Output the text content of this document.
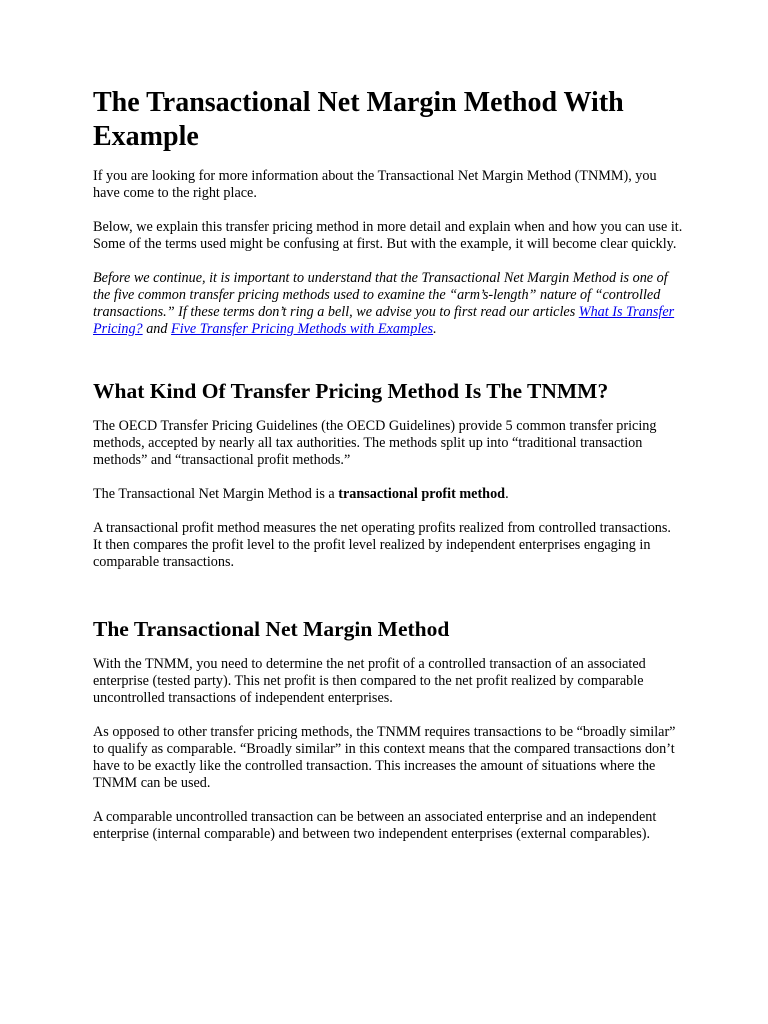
The Transactional Net Margin Method With Example

If you are looking for more information about the Transactional Net Margin Method (TNMM), you have come to the right place.

Below, we explain this transfer pricing method in more detail and explain when and how you can use it. Some of the terms used might be confusing at first. But with the example, it will become clear quickly.

Before we continue, it is important to understand that the Transactional Net Margin Method is one of the five common transfer pricing methods used to examine the “arm’s-length” nature of “controlled transactions.” If these terms don’t ring a bell, we advise you to first read our articles What Is Transfer Pricing? and Five Transfer Pricing Methods with Examples.

What Kind Of Transfer Pricing Method Is The TNMM?

The OECD Transfer Pricing Guidelines (the OECD Guidelines) provide 5 common transfer pricing methods, accepted by nearly all tax authorities. The methods split up into “traditional transaction methods” and “transactional profit methods.”

The Transactional Net Margin Method is a transactional profit method.

A transactional profit method measures the net operating profits realized from controlled transactions. It then compares the profit level to the profit level realized by independent enterprises engaging in comparable transactions.

The Transactional Net Margin Method

With the TNMM, you need to determine the net profit of a controlled transaction of an associated enterprise (tested party). This net profit is then compared to the net profit realized by comparable uncontrolled transactions of independent enterprises.

As opposed to other transfer pricing methods, the TNMM requires transactions to be “broadly similar” to qualify as comparable. “Broadly similar” in this context means that the compared transactions don’t have to be exactly like the controlled transaction. This increases the amount of situations where the TNMM can be used.

A comparable uncontrolled transaction can be between an associated enterprise and an independent enterprise (internal comparable) and between two independent enterprises (external comparables).
